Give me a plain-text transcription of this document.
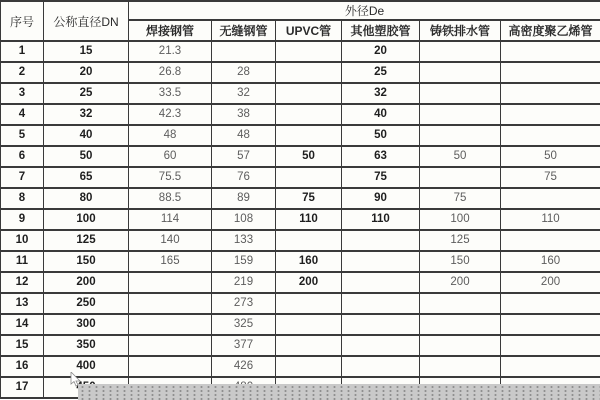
序号	公称直径DN	外径De					
		焊接钢管	无缝钢管	UPVC管	其他塑胶管	铸铁排水管	高密度聚乙烯管
1	15	21.3			20		
2	20	26.8	28		25		
3	25	33.5	32		32		
4	32	42.3	38		40		
5	40	48	48		50		
6	50	60	57	50	63	50	50
7	65	75.5	76		75		75
8	80	88.5	89	75	90	75	
9	100	114	108	110	110	100	110
10	125	140	133			125	
11	150	165	159	160		150	160
12	200		219	200		200	200
13	250		273				
14	300		325				
15	350		377				
16	400		426				
17							
